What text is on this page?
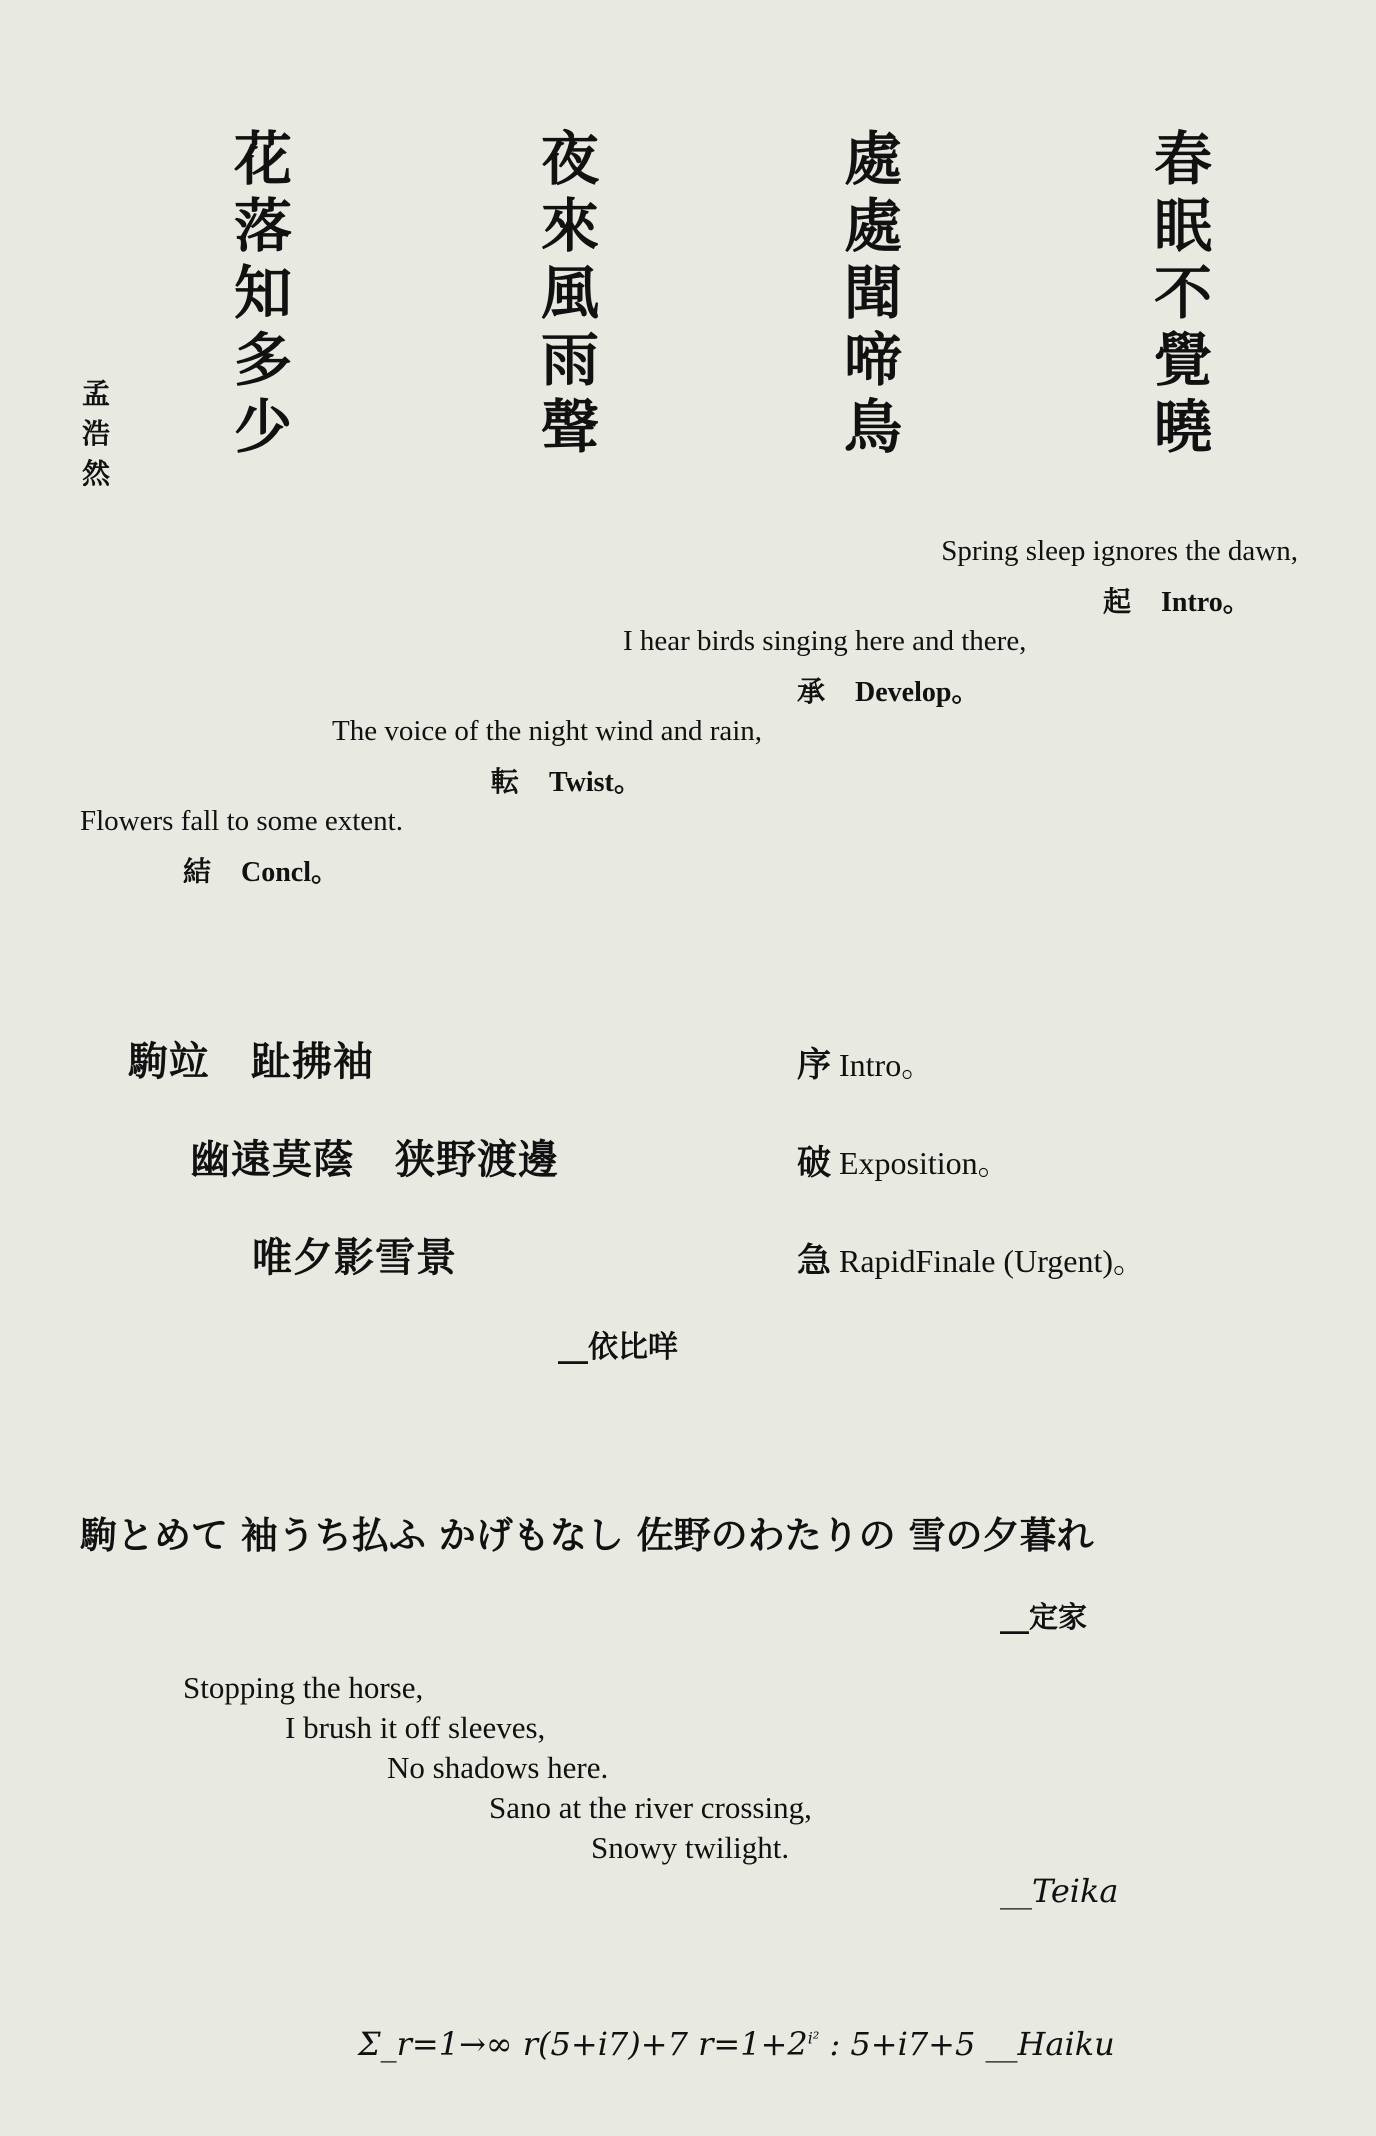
春
眠
不
覺
曉
處
處
聞
啼
鳥
夜
來
風
雨
聲
花
落
知
多
少
孟浩然
Spring sleep ignores the dawn,
起 Intro。
I hear birds singing here and there,
承 Develop。
The voice of the night wind and rain,
転 Twist。
Flowers fall to some extent.
結 Concl。
駒竝　趾拂袖
幽遠莫蔭　狭野渡邊
唯夕影雪景
序 Intro。
破 Exposition。
急 RapidFinale (Urgent)。
__依比咩
駒とめて 袖うち払ふ かげもなし 佐野のわたりの 雪の夕暮れ
__定家
Stopping the horse,
I brush it off sleeves,
No shadows here.
Sano at the river crossing,
Snowy twilight.
__Teika
Σ_r=1→∞ r(5+i7)+7 $r=1+2^{i^2}$ : 5+i7+5 __Haiku
